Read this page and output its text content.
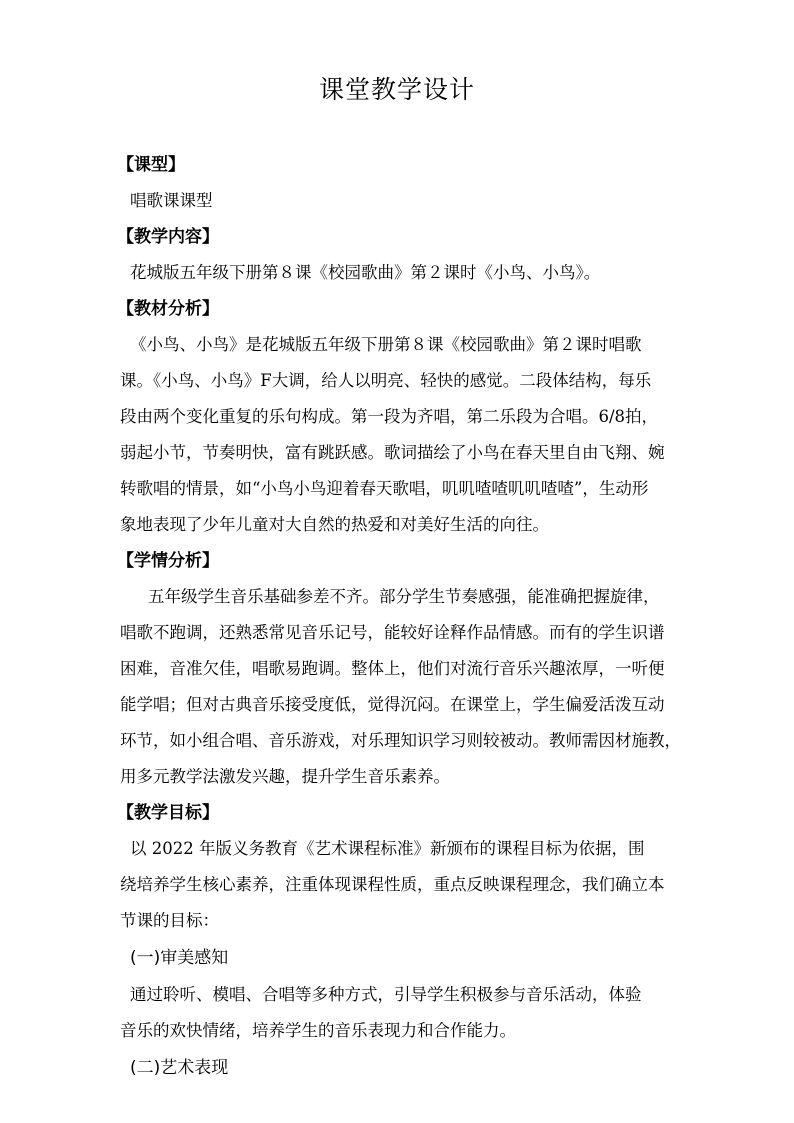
课堂教学设计
【课型】
唱歌课课型
【教学内容】
花城版五年级下册第８课《校园歌曲》第２课时《小鸟、小鸟》。
【教材分析】
《小鸟、小鸟》是花城版五年级下册第８课《校园歌曲》第２课时唱歌
课。《小鸟、小鸟》F大调，给人以明亮、轻快的感觉。二段体结构，每乐
段由两个变化重复的乐句构成。第一段为齐唱，第二乐段为合唱。6/8拍，
弱起小节，节奏明快，富有跳跃感。歌词描绘了小鸟在春天里自由飞翔、婉
转歌唱的情景，如“小鸟小鸟迎着春天歌唱，叽叽喳喳叽叽喳喳”，生动形
象地表现了少年儿童对大自然的热爱和对美好生活的向往。
【学情分析】
五年级学生音乐基础参差不齐。部分学生节奏感强，能准确把握旋律，
唱歌不跑调，还熟悉常见音乐记号，能较好诠释作品情感。而有的学生识谱
困难，音准欠佳，唱歌易跑调。整体上，他们对流行音乐兴趣浓厚，一听便
能学唱；但对古典音乐接受度低，觉得沉闷。在课堂上，学生偏爱活泼互动
环节，如小组合唱、音乐游戏，对乐理知识学习则较被动。教师需因材施教，
用多元教学法激发兴趣，提升学生音乐素养。
【教学目标】
以 2022 年版义务教育《艺术课程标准》新颁布的课程目标为依据，围
绕培养学生核心素养，注重体现课程性质，重点反映课程理念，我们确立本
节课的目标：
(一)审美感知
通过聆听、模唱、合唱等多种方式，引导学生积极参与音乐活动，体验
音乐的欢快情绪，培养学生的音乐表现力和合作能力。
(二)艺术表现
